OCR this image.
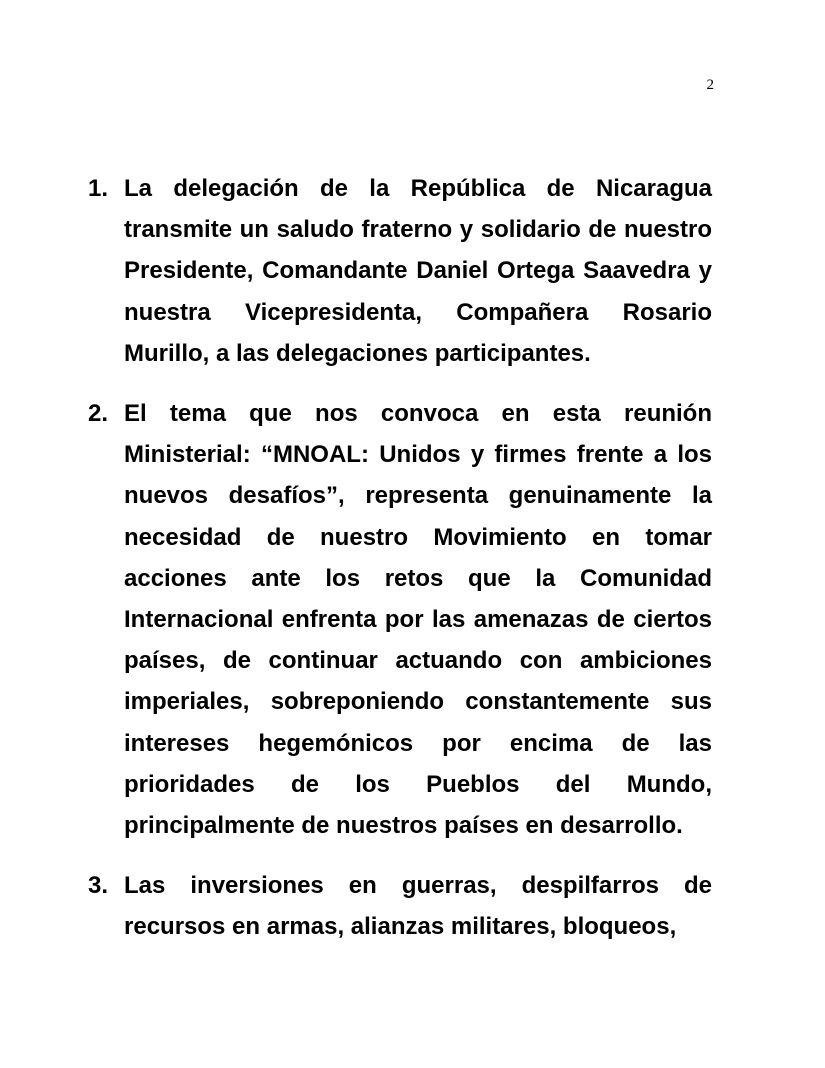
2
1. La delegación de la República de Nicaragua transmite un saludo fraterno y solidario de nuestro Presidente, Comandante Daniel Ortega Saavedra y nuestra Vicepresidenta, Compañera Rosario Murillo, a las delegaciones participantes.
2. El tema que nos convoca en esta reunión Ministerial: “MNOAL: Unidos y firmes frente a los nuevos desafíos”, representa genuinamente la necesidad de nuestro Movimiento en tomar acciones ante los retos que la Comunidad Internacional enfrenta por las amenazas de ciertos países, de continuar actuando con ambiciones imperiales, sobreponiendo constantemente sus intereses hegemónicos por encima de las prioridades de los Pueblos del Mundo, principalmente de nuestros países en desarrollo.
3. Las inversiones en guerras, despilfarros de recursos en armas, alianzas militares, bloqueos,
